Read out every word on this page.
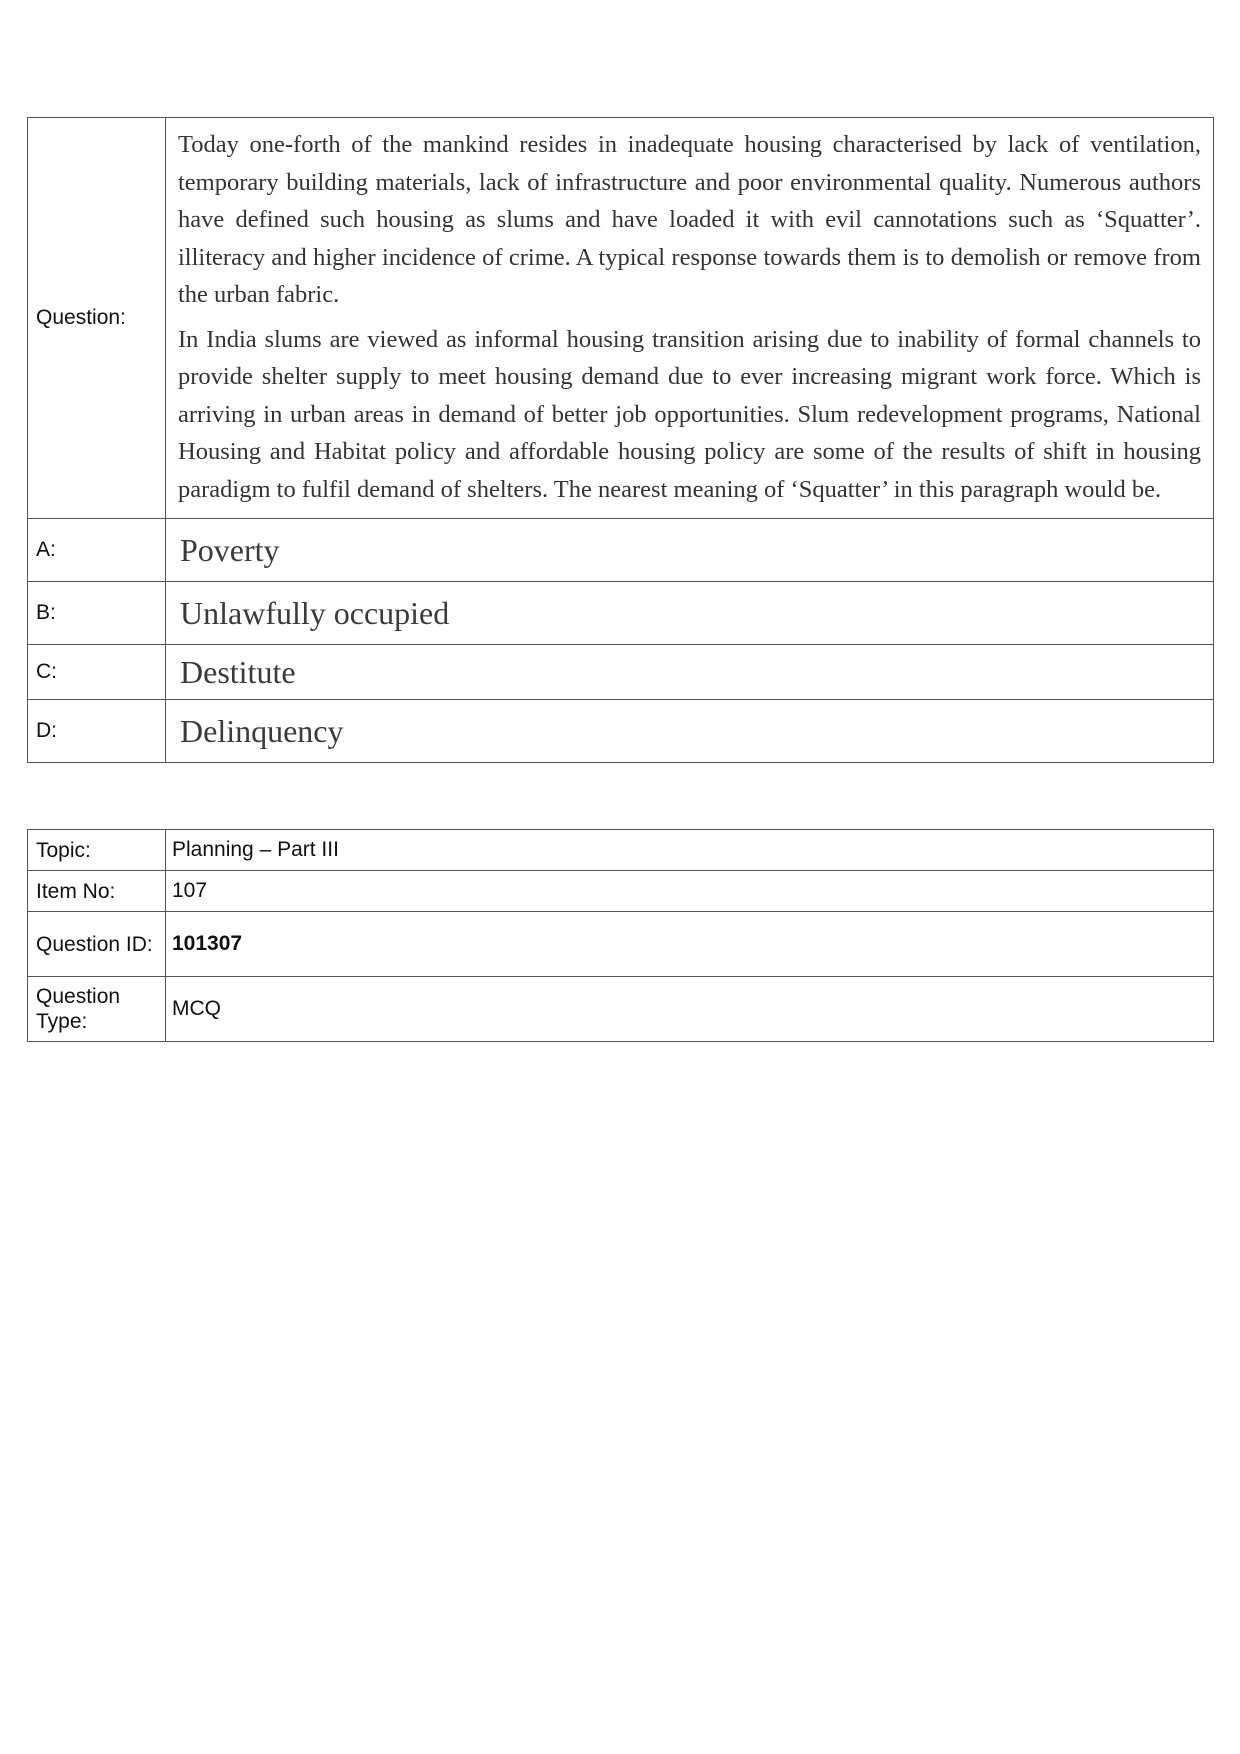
Question:	Today one-forth of the mankind resides in inadequate housing characterised by lack of ventilation, temporary building materials, lack of infrastructure and poor environmental quality. Numerous authors have defined such housing as slums and have loaded it with evil cannotations such as ‘Squatter’. illiteracy and higher incidence of crime. A typical response towards them is to demolish or remove from the urban fabric.

In India slums are viewed as informal housing transition arising due to inability of formal channels to provide shelter supply to meet housing demand due to ever increasing migrant work force. Which is arriving in urban areas in demand of better job opportunities. Slum redevelopment programs, National Housing and Habitat policy and affordable housing policy are some of the results of shift in housing paradigm to fulfil demand of shelters. The nearest meaning of ‘Squatter’ in this paragraph would be.

A:	Poverty
B:	Unlawfully occupied
C:	Destitute
D:	Delinquency
Topic:	Planning – Part III
Item No:	107
Question ID:	101307
Question Type:	MCQ
